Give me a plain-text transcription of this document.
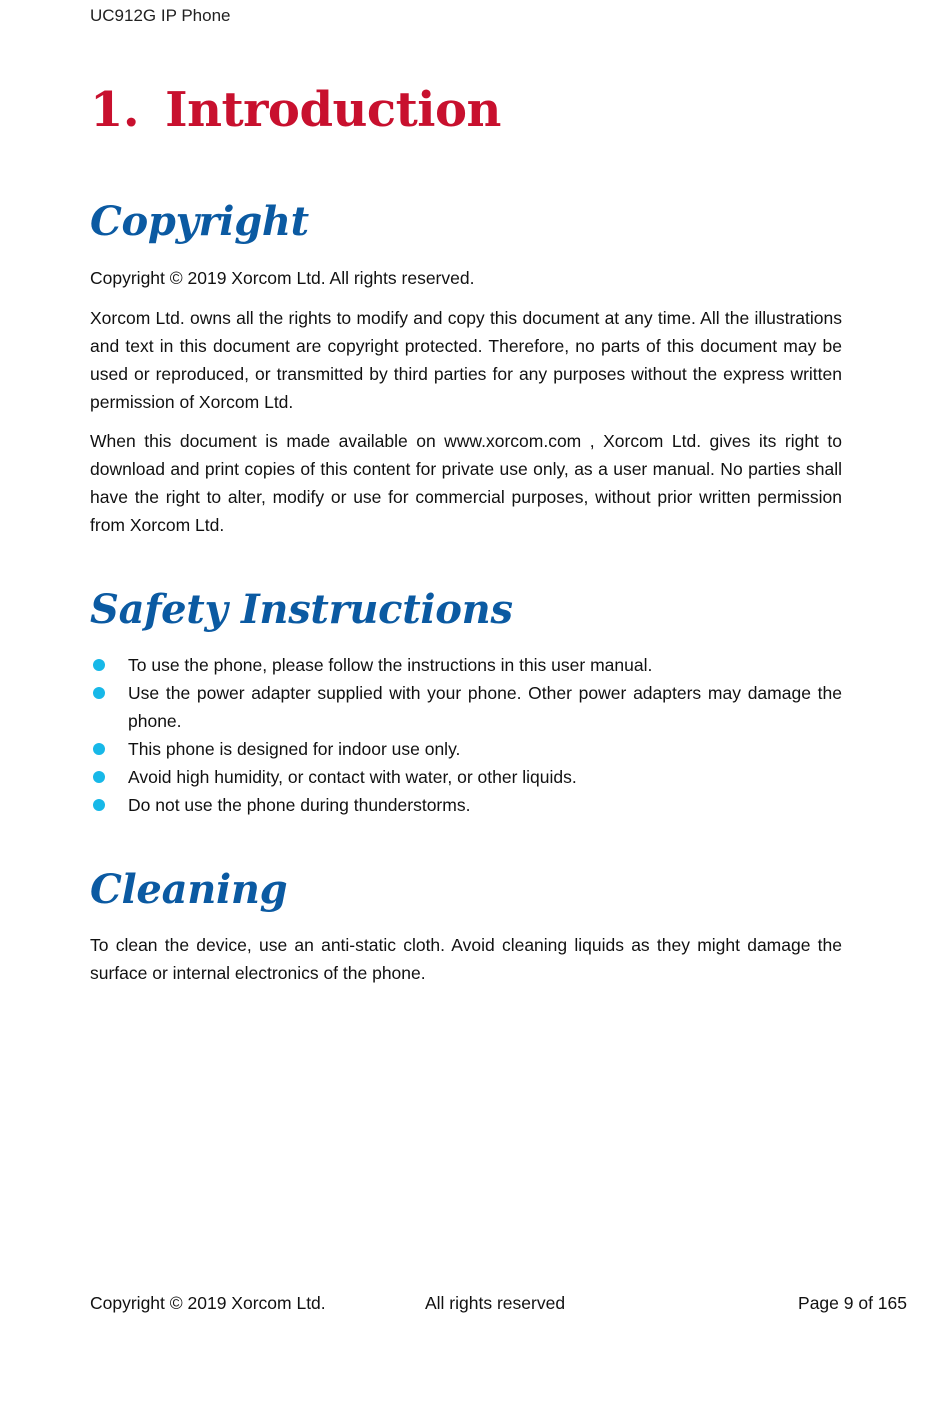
UC912G IP Phone
1. Introduction
Copyright

Copyright © 2019 Xorcom Ltd. All rights reserved.

Xorcom Ltd. owns all the rights to modify and copy this document at any time. All the illustrations and text in this document are copyright protected. Therefore, no parts of this document may be used or reproduced, or transmitted by third parties for any purposes without the express written permission of Xorcom Ltd.

When this document is made available on www.xorcom.com , Xorcom Ltd. gives its right to download and print copies of this content for private use only, as a user manual. No parties shall have the right to alter, modify or use for commercial purposes, without prior written permission from Xorcom Ltd.

Safety Instructions
To use the phone, please follow the instructions in this user manual.
Use the power adapter supplied with your phone. Other power adapters may damage the phone.
This phone is designed for indoor use only.
Avoid high humidity, or contact with water, or other liquids.
Do not use the phone during thunderstorms.
Cleaning

To clean the device, use an anti-static cloth. Avoid cleaning liquids as they might damage the surface or internal electronics of the phone.

Copyright © 2019 Xorcom Ltd.	All rights reserved	Page 9 of 165
